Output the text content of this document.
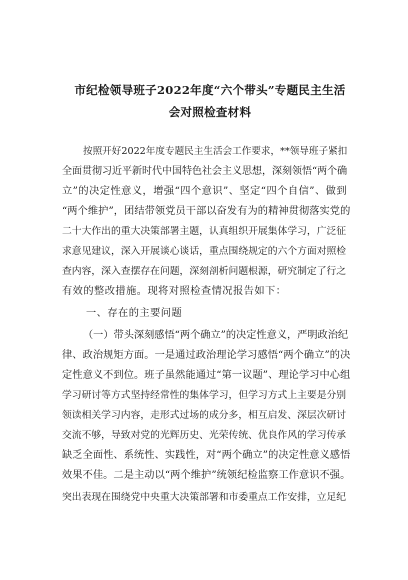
市纪检领导班子2022年度“六个带头”专题民主生活
会对照检查材料
按照开好2022年度专题民主生活会工作要求，**领导班子紧扣
全面贯彻习近平新时代中国特色社会主义思想，深刻领悟“两个确
立”的决定性意义，增强“四个意识”、坚定“四个自信”、做到
“两个维护”，团结带领党员干部以奋发有为的精神贯彻落实党的
二十大作出的重大决策部署主题，认真组织开展集体学习，广泛征
求意见建议，深入开展谈心谈话，重点围绕规定的六个方面对照检
查内容，深入查摆存在问题，深刻剖析问题根源，研究制定了行之
有效的整改措施。现将对照检查情况报告如下：
一、存在的主要问题
（一）带头深刻感悟“两个确立”的决定性意义，严明政治纪
律、政治规矩方面。一是通过政治理论学习感悟“两个确立”的决
定性意义不到位。班子虽然能通过“第一议题”、理论学习中心组
学习研讨等方式坚持经常性的集体学习，但学习方式上主要是分别
领读相关学习内容，走形式过场的成分多，相互启发、深层次研讨
交流不够，导致对党的光辉历史、光荣传统、优良作风的学习传承
缺乏全面性、系统性、实践性，对“两个确立”的决定性意义感悟
效果不佳。二是主动以“两个维护”统领纪检监察工作意识不强。
突出表现在围绕党中央重大决策部署和市委重点工作安排，立足纪
